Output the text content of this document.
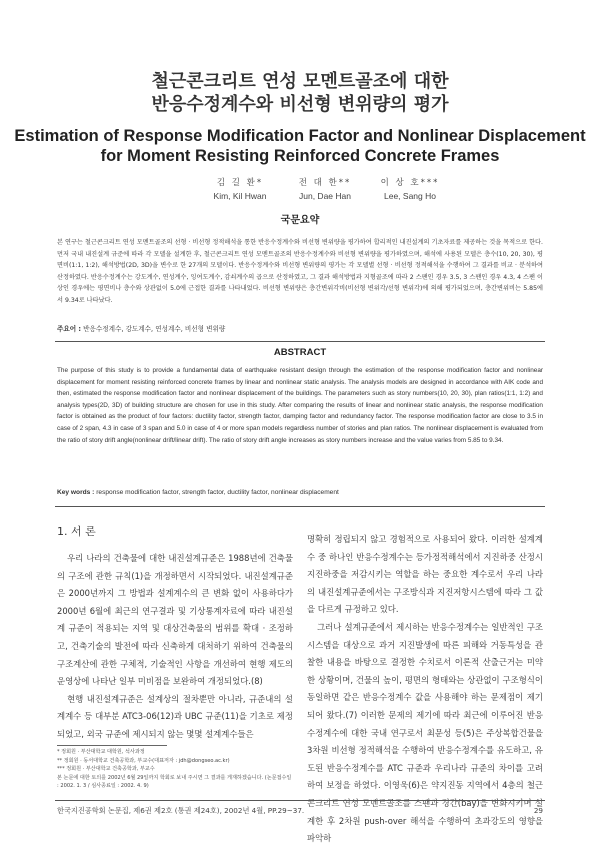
철근콘크리트 연성 모멘트골조에 대한
반응수정계수와 비선형 변위량의 평가
Estimation of Response Modification Factor and Nonlinear Displacement
for Moment Resisting Reinforced Concrete Frames
김 길 환*
Kim, Kil Hwan
전 대 한**
Jun, Dae Han
이 상 호***
Lee, Sang Ho
국문요약
본 연구는 철근콘크리트 연성 모멘트골조의 선형 · 비선형 정적해석을 통한 반응수정계수와 비선형 변위량을 평가하여 합리적인 내진설계의 기초자료를 제공하는 것을 목적으로 한다. 먼저 국내 내진설계 규준에 따라 각 모델을 설계한 후, 철근콘크리트 연성 모멘트골조의 반응수정계수와 비선형 변위량을 평가하였으며, 해석에 사용된 모델은 층수(10, 20, 30), 평면비(1:1, 1:2), 해석방법(2D, 3D)을 변수로 한 27개의 모델이다. 반응수정계수와 비선형 변위량의 평가는 각 모델별 선형 · 비선형 정적해석을 수행하여 그 결과를 비교 · 분석하여 산정하였다. 반응수정계수는 강도계수, 연성계수, 잉여도계수, 감쇠계수의 곱으로 산정하였고, 그 결과 해석방법과 지형골조에 따라 2 스팬인 경우 3.5, 3 스팬인 경우 4.3, 4 스팬 이상인 경우에는 평면비나 층수와 상관없이 5.0에 근접한 결과를 나타내었다. 비선형 변위량은 층간변위각비(비선형 변위각/선형 변위각)에 의해 평가되었으며, 층간변위비는 5.85에서 9.34로 나타났다.
주요어 : 반응수정계수, 강도계수, 연성계수, 비선형 변위량
ABSTRACT
The purpose of this study is to provide a fundamental data of earthquake resistant design through the estimation of the response modification factor and nonlinear displacement for moment resisting reinforced concrete frames by linear and nonlinear static analysis. The analysis models are designed in accordance with AIK code and then, estimated the response modification factor and nonlinear displacement of the buildings. The parameters such as story numbers(10, 20, 30), plan ratios(1:1, 1:2) and analysis types(2D, 3D) of building structure are chosen for use in this study. After comparing the results of linear and nonlinear static analysis, the response modification factor is obtained as the product of four factors: ductility factor, strength factor, damping factor and redundancy factor. The response modification factor are close to 3.5 in case of 2 span, 4.3 in case of 3 span and 5.0 in case of 4 or more span models regardless number of stories and plan ratios. The nonlinear displacement is evaluated from the ratio of story drift angle(nonlinear drift/linear drift). The ratio of story drift angle increases as story numbers increase and the value varies from 5.85 to 9.34.
Key words : response modification factor, strength factor, ductility factor, nonlinear displacement
1. 서 론

우리 나라의 건축물에 대한 내진설계규준은 1988년에 건축물의 구조에 관한 규칙(1)을 개정하면서 시작되었다. 내진설계규준은 2000년까지 그 방법과 설계계수의 큰 변화 없이 사용하다가 2000년 6월에 최근의 연구결과 및 기상통계자료에 따라 내진설계 규준이 적용되는 지역 및 대상건축물의 범위를 확대 · 조정하고, 건축기술의 발전에 따라 신축하게 대처하기 위하여 건축물의 구조계산에 관한 구체적, 기술적인 사항을 개선하여 현행 제도의 운영상에 나타난 일부 미비점을 보완하여 개정되었다.(8)

현행 내진설계규준은 설계상의 절차뿐만 아니라, 규준내의 설계계수 등 대부분 ATC3-06(12)과 UBC 규준(11)을 기초로 제정되었고, 외국 규준에 제시되지 않는 몇몇 설계계수들은

* 정회원 · 부산대학교 대학원, 석사과정
** 정회원 · 동서대학교 건축공학과, 부교수(대표저자 : jdh@dongseo.ac.kr)
*** 정회원 · 부산대학교 건축공학과, 부교수
본 논문에 대한 토의를 2002년 6월 29일까지 학회로 보내 주시면 그 결과를 게재하겠습니다. (논문접수일 : 2002. 1. 3 / 심사종료일 : 2002. 4. 9)

명확히 정립되지 않고 경험적으로 사용되어 왔다. 이러한 설계계수 중 하나인 반응수정계수는 등가정적해석에서 지진하중 산정시 지진하중을 저감시키는 역할을 하는 중요한 계수로서 우리 나라의 내진설계규준에서는 구조방식과 지진저항시스템에 따라 그 값을 다르게 규정하고 있다.

그러나 설계규준에서 제시하는 반응수정계수는 일반적인 구조시스템을 대상으로 과거 지진발생에 따른 피해와 거동특성을 관찰한 내용을 바탕으로 결정한 수치로서 이론적 산출근거는 미약한 상황이며, 건물의 높이, 평면의 형태와는 상관없이 구조형식이 동일하면 같은 반응수정계수 값을 사용해야 하는 문제점이 제기되어 왔다.(7) 이러한 문제의 제기에 따라 최근에 이루어진 반응수정계수에 대한 국내 연구로서 최문성 등(5)은 주상복합건물을 3차원 비선형 정적해석을 수행하여 반응수정계수를 유도하고, 유도된 반응수정계수를 ATC 규준과 우리나라 규준의 차이를 고려하여 보정을 하였다. 이영욱(6)은 약지진동 지역에서 4층의 철근콘크리트 연성 모멘트골조를 스팬과 경간(bay)을 변화시키며 설계한 후 2차원 push-over 해석을 수행하여 초과강도의 영향을 파악하

한국지진공학회 논문집, 제6권 제2호 (통권 제24호), 2002년 4월, PP.29~37.	29
